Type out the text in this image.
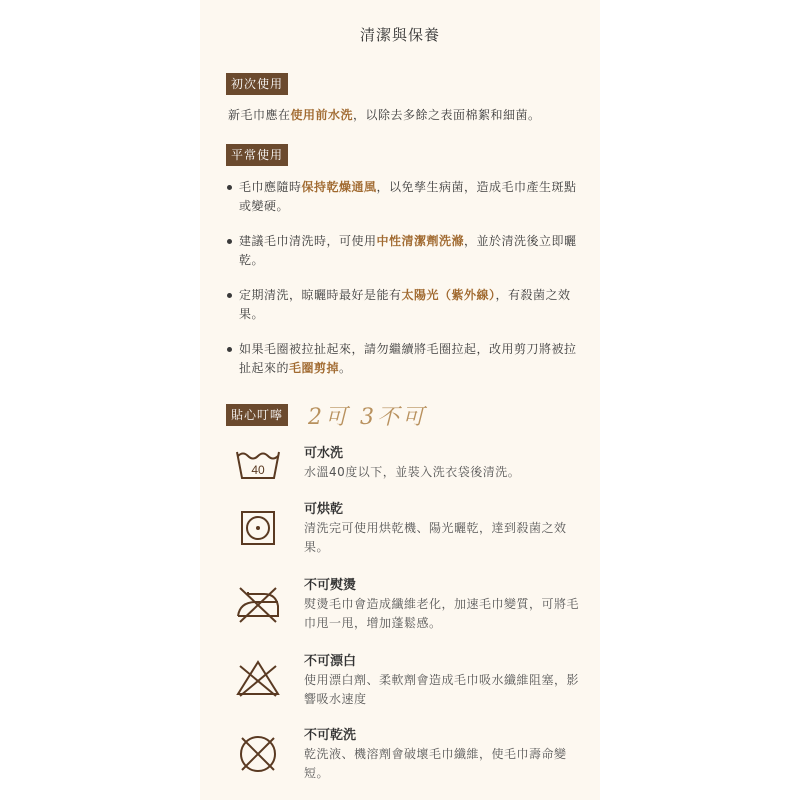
清潔與保養
初次使用
新毛巾應在使用前水洗，以除去多餘之表面棉絮和細菌。
平常使用
毛巾應隨時保持乾燥通風，以免孳生病菌，造成毛巾產生斑點或變硬。
建議毛巾清洗時，可使用中性清潔劑洗滌，並於清洗後立即曬乾。
定期清洗，晾曬時最好是能有太陽光（紫外線），有殺菌之效果。
如果毛圈被拉扯起來，請勿繼續將毛圈拉起，改用剪刀將被拉扯起來的毛圈剪掉。
貼心叮嚀 2可 3不可
40
可水洗
水溫40度以下，並裝入洗衣袋後清洗。
可烘乾
清洗完可使用烘乾機、陽光曬乾，達到殺菌之效果。
不可熨燙
熨燙毛巾會造成纖維老化，加速毛巾變質，可將毛巾甩一甩，增加蓬鬆感。
不可漂白
使用漂白劑、柔軟劑會造成毛巾吸水纖維阻塞，影響吸水速度
不可乾洗
乾洗液、機溶劑會破壞毛巾纖維，使毛巾壽命變短。
